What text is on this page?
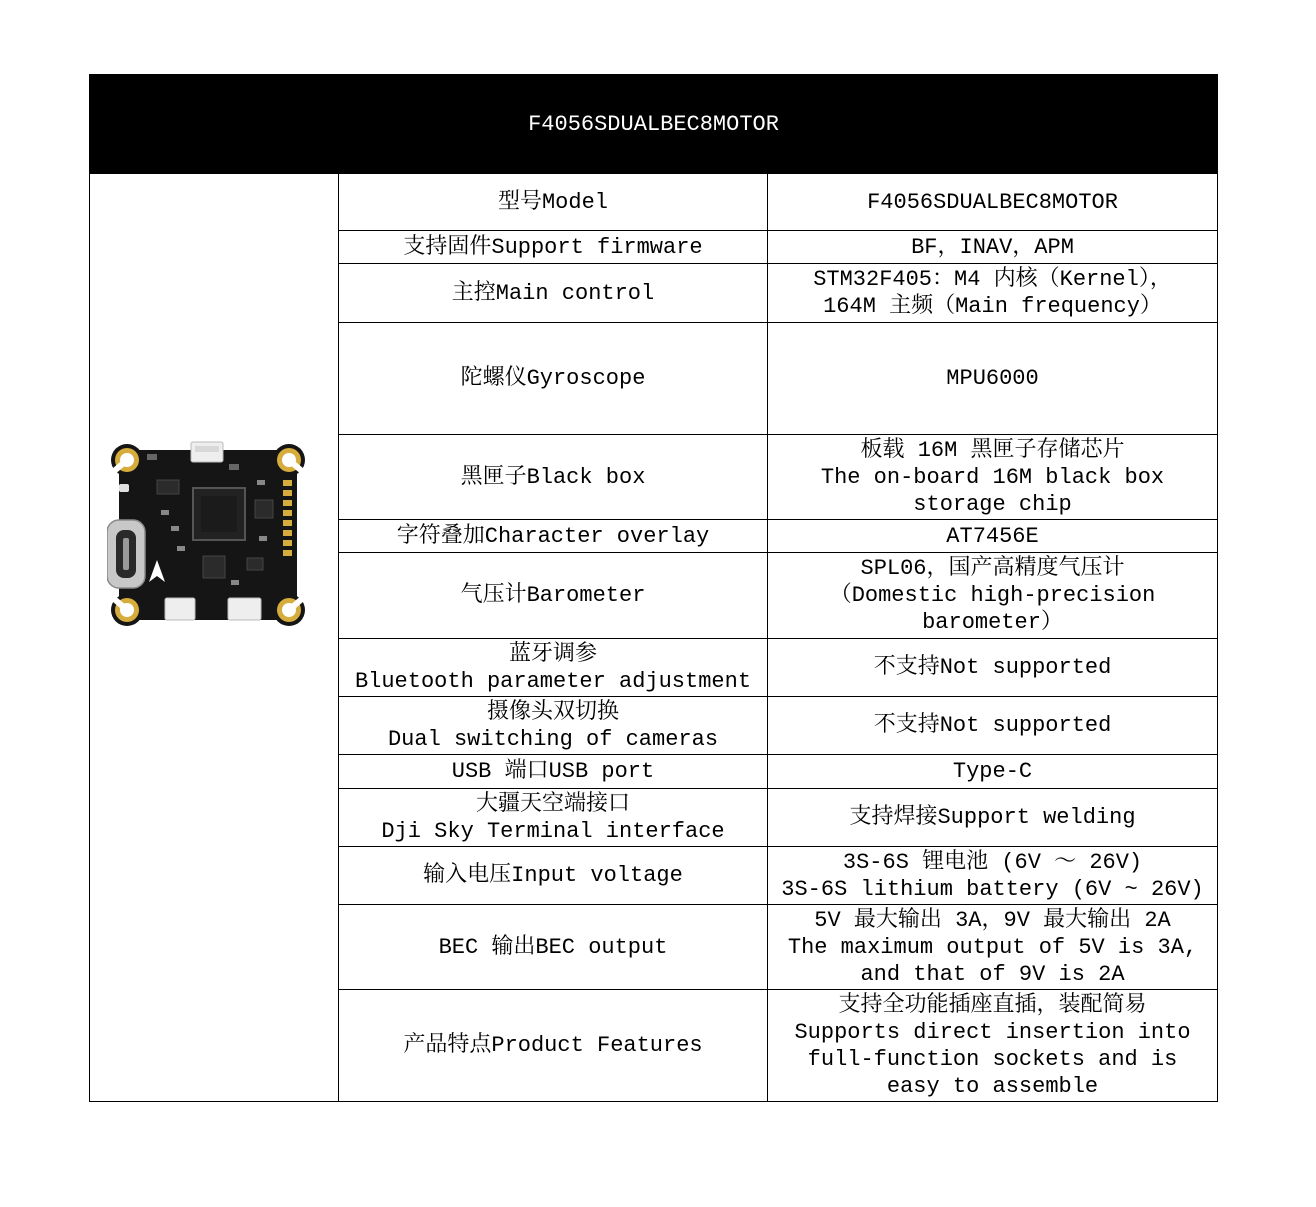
F4056SDUALBEC8MOTOR		

型号Model	F4056SDUALBEC8MOTOR

	支持固件Support firmware	BF，INAV，APM

	主控Main control	STM32F405：M4 内核（Kernel），
164M 主频（Main frequency）

	陀螺仪Gyroscope	MPU6000

	黑匣子Black box	板载 16M 黑匣子存储芯片
The on-board 16M black box
storage chip

	字符叠加Character overlay	AT7456E

	气压计Barometer	SPL06，国产高精度气压计
（Domestic high-precision
barometer）

	蓝牙调参
Bluetooth parameter adjustment	不支持Not supported

	摄像头双切换
Dual switching of cameras	不支持Not supported

	USB 端口USB port	Type-C

	大疆天空端接口
Dji Sky Terminal interface	支持焊接Support welding

	输入电压Input voltage	3S-6S 锂电池 (6V ～ 26V)
3S-6S lithium battery (6V ~ 26V)

	BEC 输出BEC output	5V 最大输出 3A，9V 最大输出 2A
The maximum output of 5V is 3A,
and that of 9V is 2A

	产品特点Product Features	支持全功能插座直插，装配简易
Supports direct insertion into
full-function sockets and is
easy to assemble
